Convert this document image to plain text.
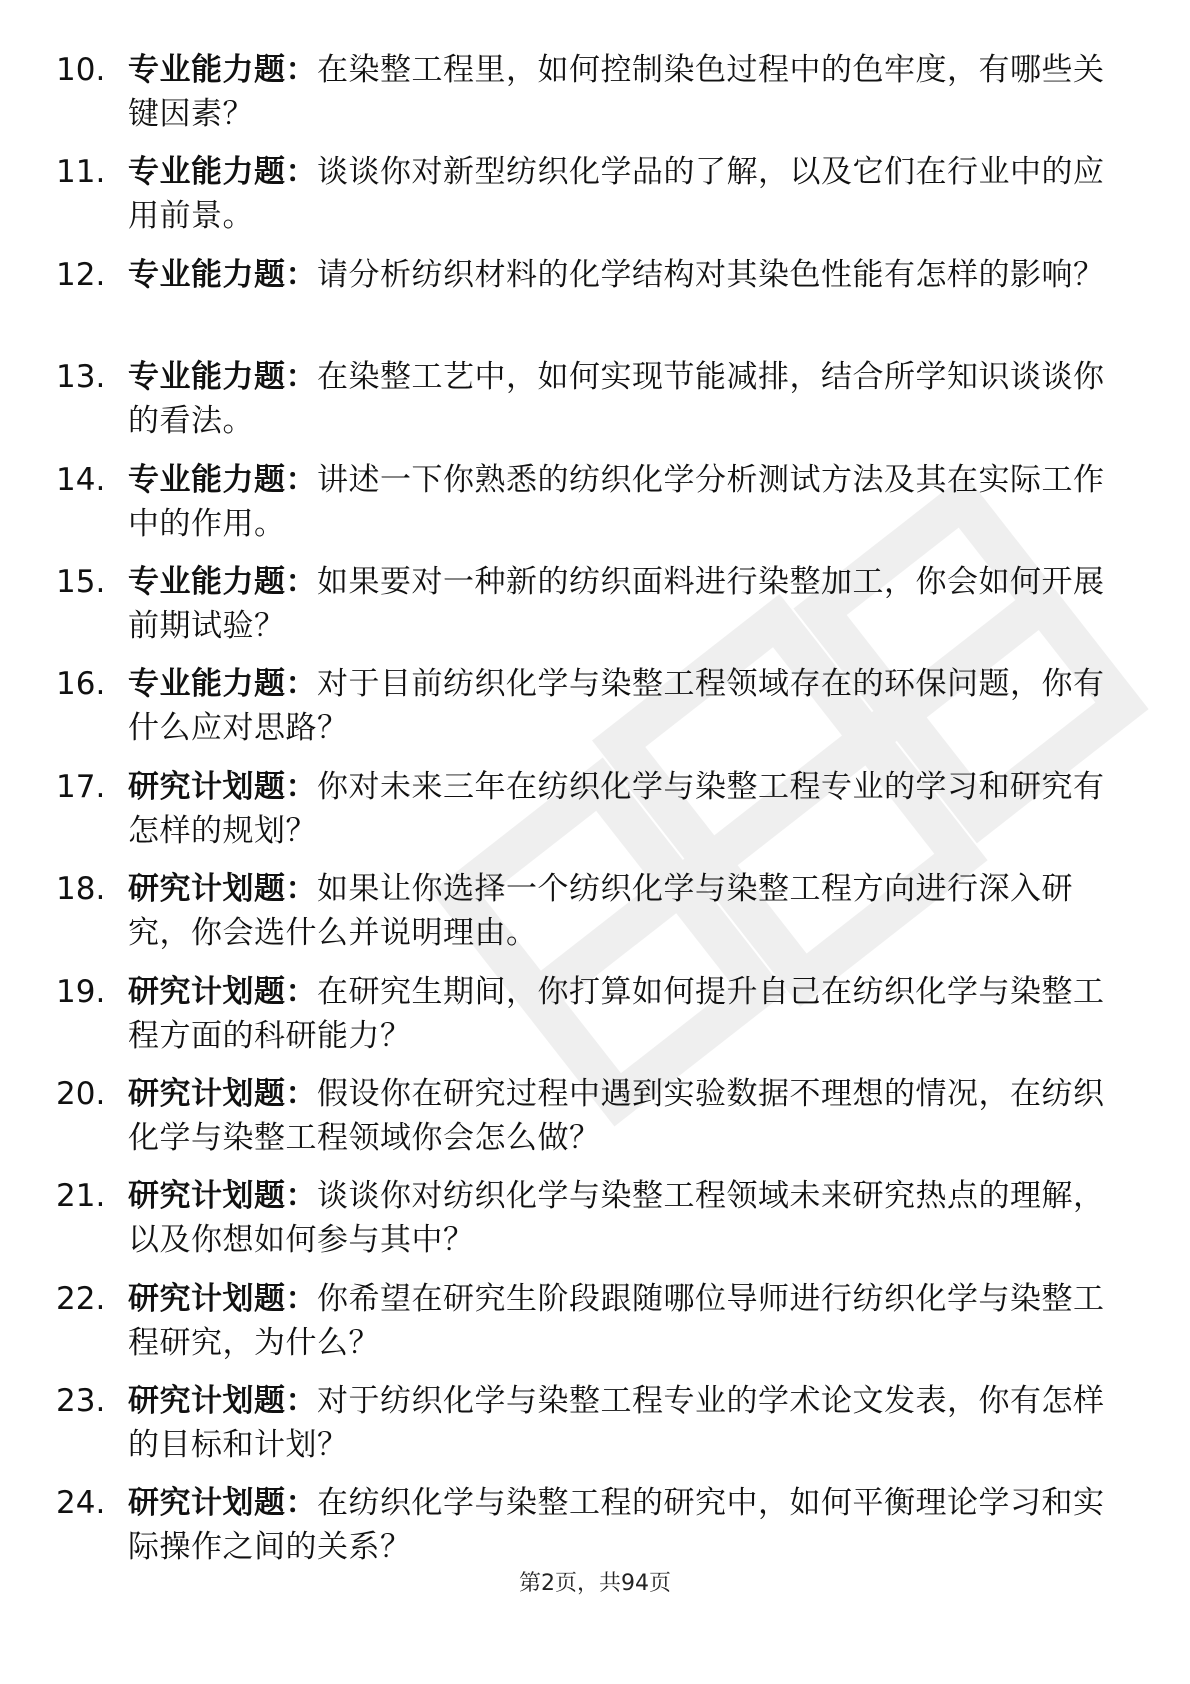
10. 专业能力题：在染整工程里，如何控制染色过程中的色牢度，有哪些关键因素？
11. 专业能力题：谈谈你对新型纺织化学品的了解，以及它们在行业中的应用前景。
12. 专业能力题：请分析纺织材料的化学结构对其染色性能有怎样的影响？
13. 专业能力题：在染整工艺中，如何实现节能减排，结合所学知识谈谈你的看法。
14. 专业能力题：讲述一下你熟悉的纺织化学分析测试方法及其在实际工作中的作用。
15. 专业能力题：如果要对一种新的纺织面料进行染整加工，你会如何开展前期试验？
16. 专业能力题：对于目前纺织化学与染整工程领域存在的环保问题，你有什么应对思路？
17. 研究计划题：你对未来三年在纺织化学与染整工程专业的学习和研究有怎样的规划？
18. 研究计划题：如果让你选择一个纺织化学与染整工程方向进行深入研究，你会选什么并说明理由。
19. 研究计划题：在研究生期间，你打算如何提升自己在纺织化学与染整工程方面的科研能力？
20. 研究计划题：假设你在研究过程中遇到实验数据不理想的情况，在纺织化学与染整工程领域你会怎么做？
21. 研究计划题：谈谈你对纺织化学与染整工程领域未来研究热点的理解，以及你想如何参与其中？
22. 研究计划题：你希望在研究生阶段跟随哪位导师进行纺织化学与染整工程研究，为什么？
23. 研究计划题：对于纺织化学与染整工程专业的学术论文发表，你有怎样的目标和计划？
24. 研究计划题：在纺织化学与染整工程的研究中，如何平衡理论学习和实际操作之间的关系？
第2页，共94页
